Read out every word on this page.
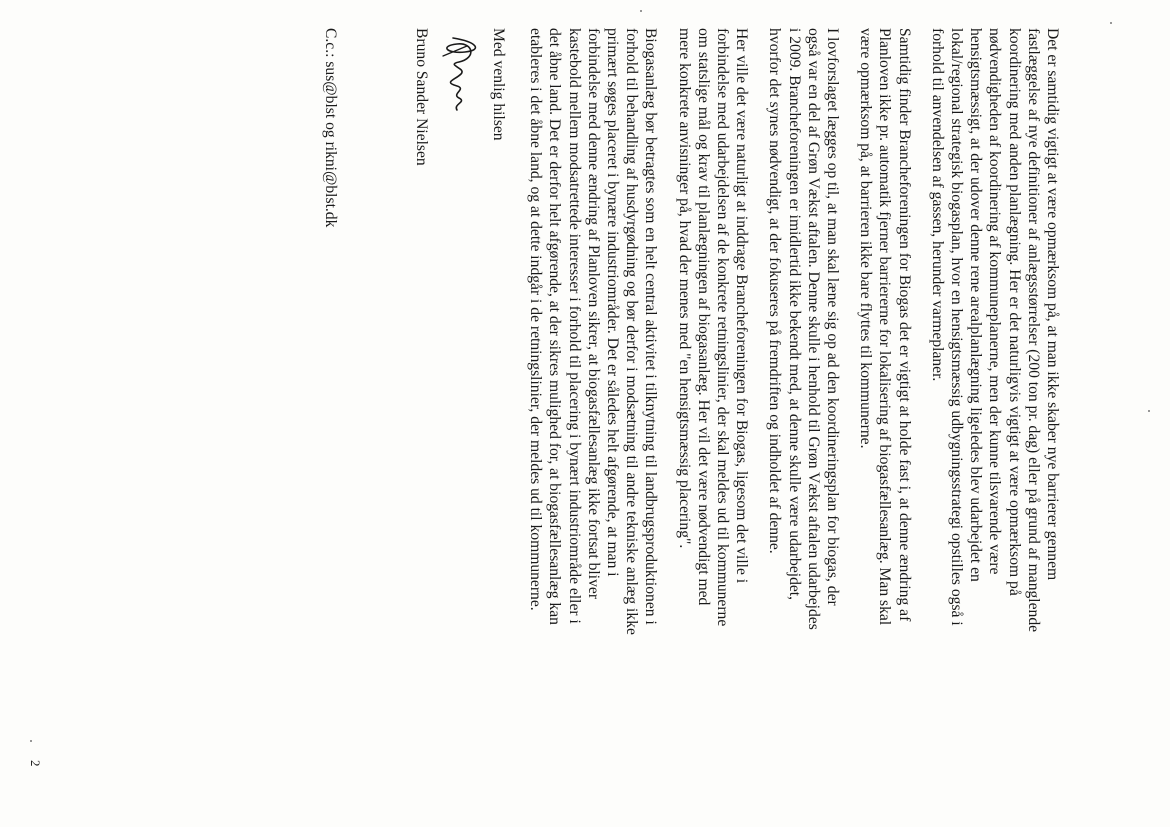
Det er samtidig vigtigt at være opmærksom på, at man ikke skaber nye barrierer gennem
fastlæggelse af nye definitioner af anlægsstørrelser (200 ton pr. dag) eller på grund af manglende
koordinering med anden planlægning. Her er det naturligvis vigtigt at være opmærksom på
nødvendigheden af koordinering af kommuneplanerne, men der kunne tilsvarende være
hensigtsmæssigt, at der udover denne rene arealplanlægning ligeledes blev udarbejdet en
lokal/regional strategisk biogasplan, hvor en hensigtsmæssig udbygningsstrategi opstilles også i
forhold til anvendelsen af gassen, herunder varmeplaner.

Samtidig finder Brancheforeningen for Biogas det er vigtigt at holde fast i, at denne ændring af
Planloven ikke pr. automatik fjerner barriererne for lokalisering af biogasfællesanlæg. Man skal
være opmærksom på, at barrieren ikke bare flyttes til kommunerne.

I lovforslaget lægges op til, at man skal læne sig op ad den koordineringsplan for biogas, der
også var en del af Grøn Vækst aftalen. Denne skulle i henhold til Grøn Vækst aftalen udarbejdes
i 2009. Brancheforeningen er imidlertid ikke bekendt med, at denne skulle være udarbejdet,
hvorfor det synes nødvendigt, at der fokuseres på fremdriften og indholdet af denne.

Her ville det være naturligt at inddrage Brancheforeningen for Biogas, ligesom det ville i
forbindelse med udarbejdelsen af de konkrete retningslinier, der skal meldes ud til kommunerne
om statslige mål og krav til planlægningen af biogasanlæg. Her vil det være nødvendigt med
mere konkrete anvisninger på, hvad der menes med "en hensigtsmæssig placering".

Biogasanlæg bør betragtes som en helt central aktivitet i tilknytning til landbrugsproduktionen i
forhold til behandling af husdyrgødning og bør derfor i modsætning til andre tekniske anlæg ikke
primært søges placeret i bynære industriområder. Det er således helt afgørende, at man i
forbindelse med denne ændring af Planloven sikrer, at biogasfællesanlæg ikke fortsat bliver
kastebold mellem modsatrettede interesser i forhold til placering i bynært industriområde eller i
det åbne land. Det er derfor helt afgørende, at der sikres mulighed for, at biogasfællesanlæg kan
etableres i det åbne land, og at dette indgår i de retningslinier, der meldes ud til kommunerne.

Med venlig hilsen
Bruno Sander Nielsen
C.c.: sus@blst og rikni@blst.dk
2
